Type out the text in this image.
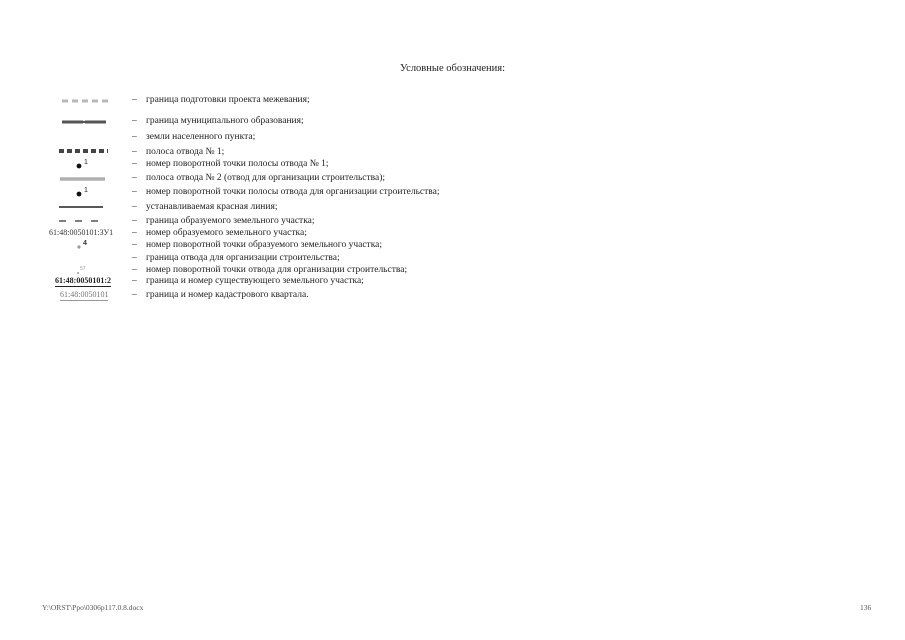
Условные обозначения:
– граница подготовки проекта межевания;
– граница муниципального образования;
– земли населенного пункта;
– полоса отвода № 1;
1	– номер поворотной точки полосы отвода № 1;
– полоса отвода № 2 (отвод для организации строительства);
1	– номер поворотной точки полосы отвода для организации строительства;
– устанавливаемая красная линия;
– граница образуемого земельного участка;
61:48:0050101:ЗУ1 – номер образуемого земельного участка;
4	– номер поворотной точки образуемого земельного участка;
– граница отвода для организации строительства;
57	– номер поворотной точки отвода для организации строительства;
61:48:0050101:2 – граница и номер существующего земельного участка;
61:48:0050101 – граница и номер кадастрового квартала.
Y:\ORST\Ppo\0306p117.0.8.docx	136
